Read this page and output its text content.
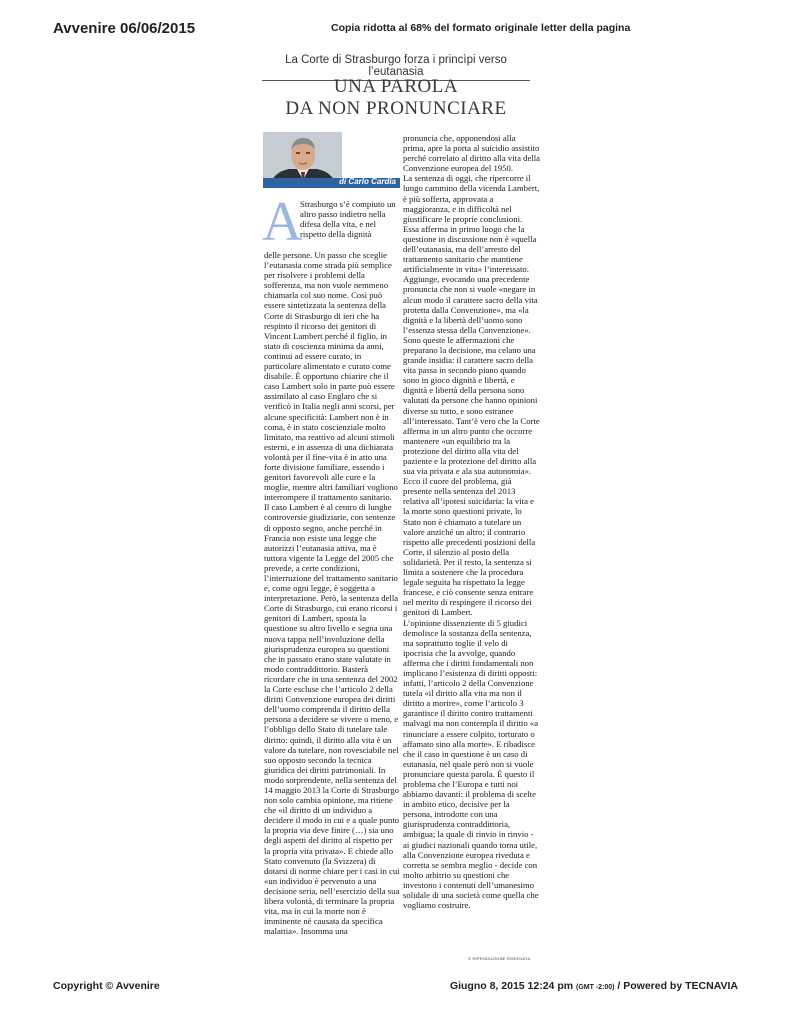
Avvenire 06/06/2015	Copia ridotta al 68% del formato originale letter della pagina
La Corte di Strasburgo forza i princìpi verso l’eutanasia
UNA PAROLA
DA NON PRONUNCIARE
di Carlo Cardia
A

Strasburgo s’è compiuto un altro passo indietro nella difesa della vita, e nel rispetto della dignità

delle persone. Un passo che sceglie l’eutanasia come strada più semplice per risolvere i problemi della sofferenza, ma non vuole nemmeno chiamarla col suo nome. Così può essere sintetizzata la sentenza della Corte di Strasburgo di ieri che ha respinto il ricorso dei genitori di Vincent Lambert perché il figlio, in stato di coscienza minima da anni, continui ad essere curato, in particolare alimentato e curato come disabile. È opportuno chiarire che il caso Lambert solo in parte può essere assimilato al caso Englaro che si verificò in Italia negli anni scorsi, per alcune specificità: Lambert non è in coma, è in stato coscienziale molto limitato, ma reattivo ad alcuni stimoli esterni, e in assenza di una dichiarata volontà per il fine-vita è in atto una forte divisione familiare, essendo i genitori favorevoli alle cure e la moglie, mentre altri familiari vogliono interrompere il trattamento sanitario.

Il caso Lambert è al centro di lunghe controversie giudiziarie, con sentenze di opposto segno, anche perché in Francia non esiste una legge che autorizzi l’eutanasia attiva, ma è tuttora vigente la Legge del 2005 che prevede, a certe condizioni, l’interruzione del trattamento sanitario e, come ogni legge, è soggetta a interpretazione. Però, la sentenza della Corte di Strasburgo, cui erano ricorsi i genitori di Lambert, sposta la questione su altro livello e segna una nuova tappa nell’involuzione della giurisprudenza europea su questioni che in passato erano state valutate in modo contraddittorio. Basterà ricordare che in una sentenza del 2002 la Corte escluse che l’articolo 2 della diritti Convenzione europea dei diritti dell’uomo comprenda il diritto della persona a decidere se vivere o meno, e l’obbligo dello Stato di tutelare tale diritto: quindi, il diritto alla vita è un valore da tutelare, non rovesciabile nel suo opposto secondo la tecnica giuridica dei diritti patrimoniali. In modo sorprendente, nella sentenza del 14 maggio 2013 la Corte di Strasburgo non solo cambia opinione, ma ritiene che «il diritto di un individuo a decidere il modo in cui e a quale punto la propria via deve finire (…) sia uno degli aspetti del diritto al rispetto per la propria vita privata». E chiede allo Stato convenuto (la Svizzera) di dotarsi di norme chiare per i casi in cui «un individuo è pervenuto a una decisione seria, nell’esercizio della sua libera volontà, di terminare la propria vita, ma in cui la morte non è imminente né causata da specifica malattia». Insomma una

pronuncia che, opponendosi alla prima, apre la porta al suicidio assistito perché correlato al diritto alla vita della Convenzione europea del 1950.

La sentenza di oggi, che ripercorre il lungo cammino della vicenda Lambert, è più sofferta, approvata a maggioranza, e in difficoltà nel giustificare le proprie conclusioni. Essa afferma in primo luogo che la questione in discussione non è «quella dell’eutanasia, ma dell’arresto del trattamento sanitario che mantiene artificialmente in vita» l’interessato. Aggiunge, evocando una precedente pronuncia che non si vuole «negare in alcun modo il carattere sacro della vita protetta dalla Convenzione», ma «la dignità e la libertà dell’uomo sono l’essenza stessa della Convenzione». Sono queste le affermazioni che preparano la decisione, ma celano una grande insidia: il carattere sacro della vita passa in secondo piano quando sono in gioco dignità e libertà, e dignità e libertà della persona sono valutati da persone che hanno opinioni diverse su tutto, e sono estranee all’interessato. Tant’è vero che la Corte afferma in un altro punto che occorre mantenere «un equilibrio tra la protezione del diritto alla vita del paziente e la protezione del diritto alla sua via privata e ala sua autonomia». Ecco il cuore del problema, già presente nella sentenza del 2013 relativa all’ipotesi suicidaria: la vita e la morte sono questioni private, lo Stato non è chiamato a tutelare un valore anziché un altro; il contrario rispetto alle precedenti posizioni della Corte, il silenzio al posto della solidarietà. Per il resto, la sentenza si limita a sostenere che la procedura legale seguita ha rispettato la legge francese, e ciò consente senza entrare nel merito di respingere il ricorso dei genitori di Lambert.

L’opinione dissenziente di 5 giudici demolisce la sostanza della sentenza, ma soprattutto toglie il velo di ipocrisia che la avvolge, quando afferma che i diritti fondamentali non implicano l’esistenza di diritti opposti: infatti, l’articolo 2 della Convenzione tutela «il diritto alla vita ma non il diritto a morire», come l’articolo 3 garantisce il diritto contro trattamenti malvagi ma non contempla il diritto «a rinunciare a essere colpito, torturato o affamato sino alla morte». E ribadisce che il caso in questione è un caso di eutanasia, nel quale però non si vuole pronunciare questa parola. È questo il problema che l’Europa e tutti noi abbiamo davanti: il problema di scelte in ambito etico, decisive per la persona, introdotte con una giurisprudenza contraddittoria, ambigua; la quale di rinvio in rinvio - ai giudici nazionali quando torna utile, alla Convenzione europea riveduta e corretta se sembra meglio - decide con molto arbitrio su questioni che investono i contenuti dell’umanesimo solidale di una società come quella che vogliamo costruire.

© RIPRODUZIONE RISERVATA
Copyright © Avvenire	Giugno 8, 2015 12:24 pm (GMT -2:00) / Powered by TECNAVIA
